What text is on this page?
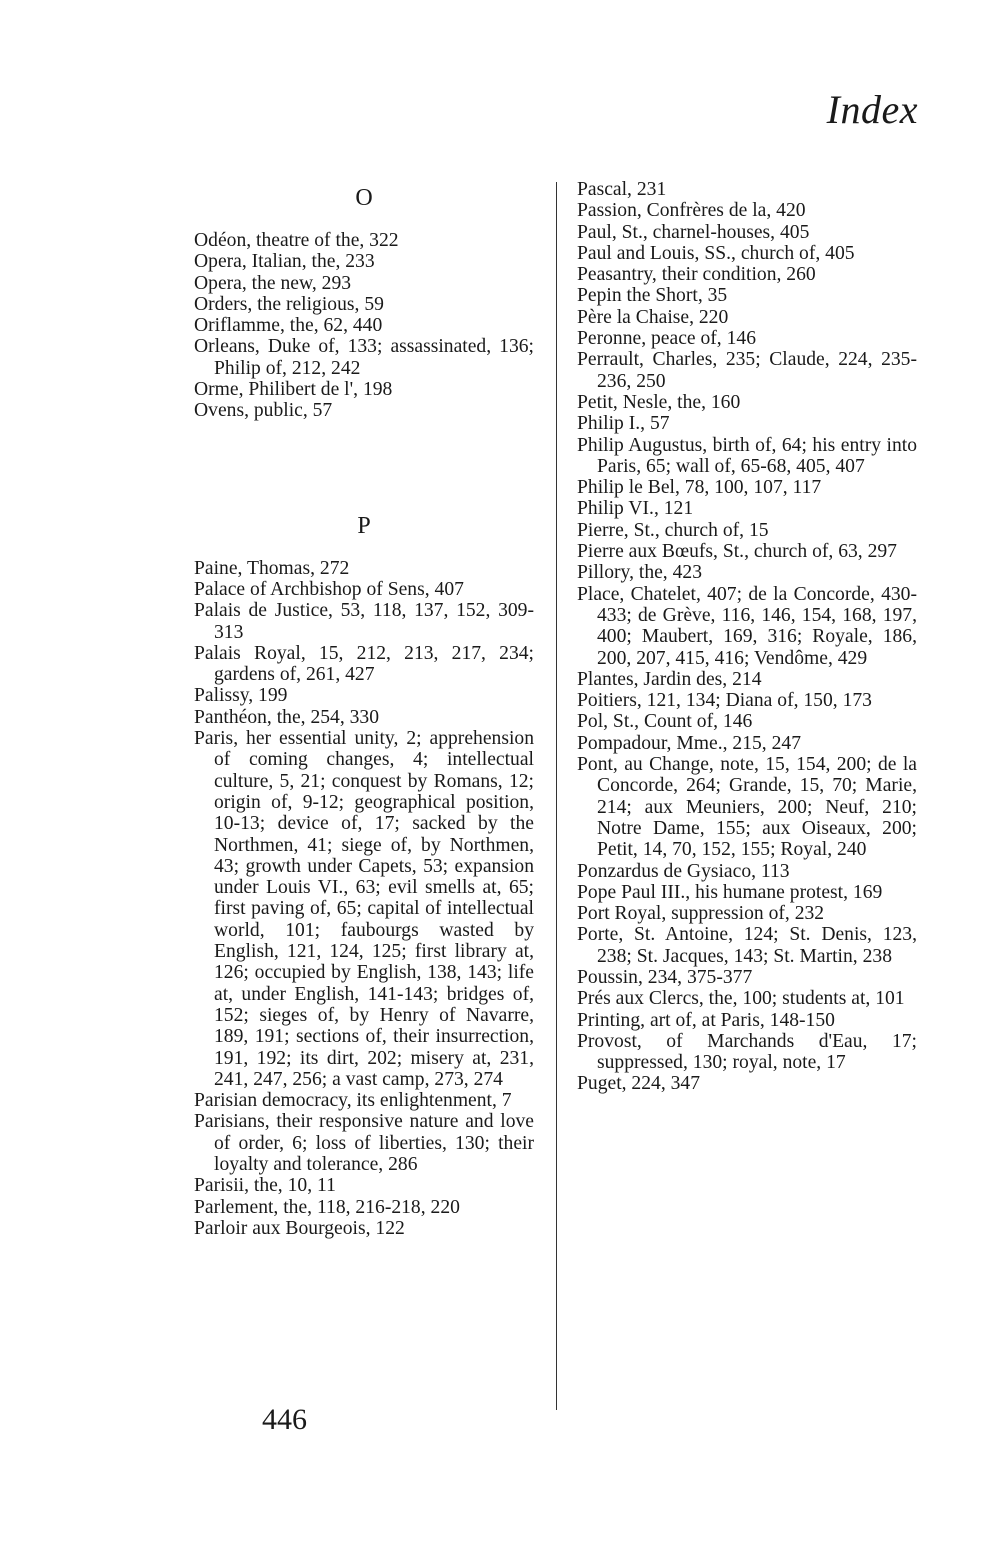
Index
O

Odéon, theatre of the, 322

Opera, Italian, the, 233

Opera, the new, 293

Orders, the religious, 59

Oriflamme, the, 62, 440

Orleans, Duke of, 133; assassinated, 136; Philip of, 212, 242

Orme, Philibert de l', 198

Ovens, public, 57

P

Paine, Thomas, 272

Palace of Archbishop of Sens, 407

Palais de Justice, 53, 118, 137, 152, 309-313

Palais Royal, 15, 212, 213, 217, 234; gardens of, 261, 427

Palissy, 199

Panthéon, the, 254, 330

Paris, her essential unity, 2; apprehension of coming changes, 4; intellectual culture, 5, 21; conquest by Romans, 12; origin of, 9-12; geographical position, 10-13; device of, 17; sacked by the Northmen, 41; siege of, by Northmen, 43; growth under Capets, 53; expansion under Louis VI., 63; evil smells at, 65; first paving of, 65; capital of intellectual world, 101; faubourgs wasted by English, 121, 124, 125; first library at, 126; occupied by English, 138, 143; life at, under English, 141-143; bridges of, 152; sieges of, by Henry of Navarre, 189, 191; sections of, their insurrection, 191, 192; its dirt, 202; misery at, 231, 241, 247, 256; a vast camp, 273, 274

Parisian democracy, its enlightenment, 7

Parisians, their responsive nature and love of order, 6; loss of liberties, 130; their loyalty and tolerance, 286

Parisii, the, 10, 11

Parlement, the, 118, 216-218, 220

Parloir aux Bourgeois, 122

Pascal, 231

Passion, Confrères de la, 420

Paul, St., charnel-houses, 405

Paul and Louis, SS., church of, 405

Peasantry, their condition, 260

Pepin the Short, 35

Père la Chaise, 220

Peronne, peace of, 146

Perrault, Charles, 235; Claude, 224, 235-236, 250

Petit, Nesle, the, 160

Philip I., 57

Philip Augustus, birth of, 64; his entry into Paris, 65; wall of, 65-68, 405, 407

Philip le Bel, 78, 100, 107, 117

Philip VI., 121

Pierre, St., church of, 15

Pierre aux Bœufs, St., church of, 63, 297

Pillory, the, 423

Place, Chatelet, 407; de la Concorde, 430-433; de Grève, 116, 146, 154, 168, 197, 400; Maubert, 169, 316; Royale, 186, 200, 207, 415, 416; Vendôme, 429

Plantes, Jardin des, 214

Poitiers, 121, 134; Diana of, 150, 173

Pol, St., Count of, 146

Pompadour, Mme., 215, 247

Pont, au Change, note, 15, 154, 200; de la Concorde, 264; Grande, 15, 70; Marie, 214; aux Meuniers, 200; Neuf, 210; Notre Dame, 155; aux Oiseaux, 200; Petit, 14, 70, 152, 155; Royal, 240

Ponzardus de Gysiaco, 113

Pope Paul III., his humane protest, 169

Port Royal, suppression of, 232

Porte, St. Antoine, 124; St. Denis, 123, 238; St. Jacques, 143; St. Martin, 238

Poussin, 234, 375-377

Prés aux Clercs, the, 100; students at, 101

Printing, art of, at Paris, 148-150

Provost, of Marchands d'Eau, 17; suppressed, 130; royal, note, 17

Puget, 224, 347

446
